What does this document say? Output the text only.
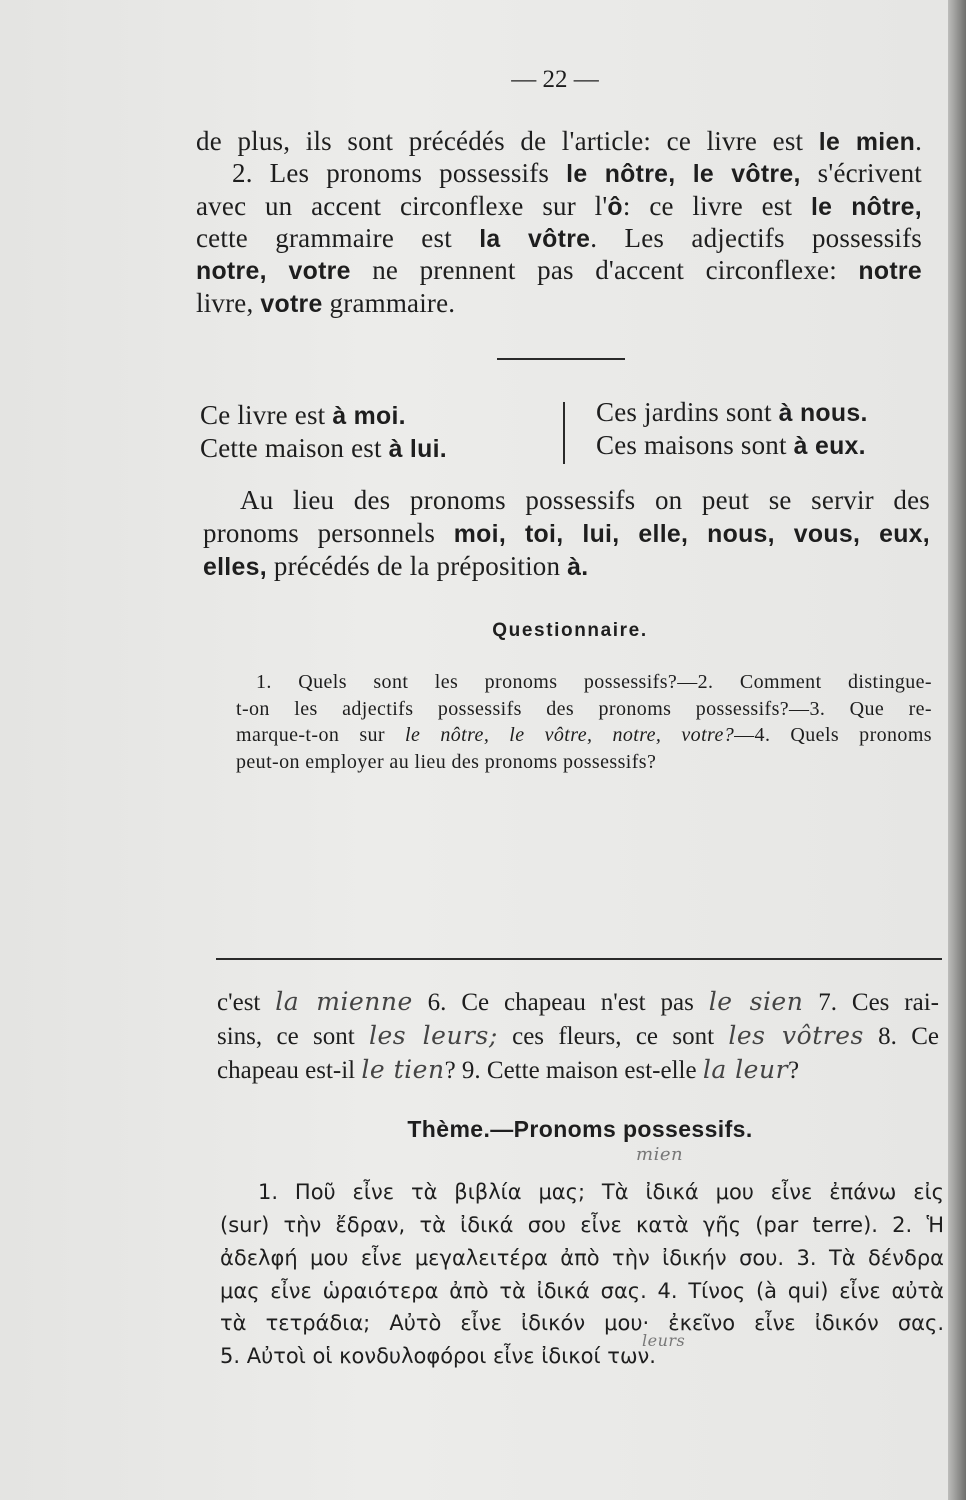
— 22 —
de plus, ils sont précédés de l'article: ce livre est le mien.
2. Les pronoms possessifs le nôtre, le vôtre, s'écrivent
avec un accent circonflexe sur l'ô: ce livre est le nôtre,
cette grammaire est la vôtre. Les adjectifs possessifs
notre, votre ne prennent pas d'accent circonflexe: notre
livre, votre grammaire.
Ce livre est à moi.
Cette maison est à lui.
Ces jardins sont à nous.
Ces maisons sont à eux.
Au lieu des pronoms possessifs on peut se servir des
pronoms personnels moi, toi, lui, elle, nous, vous, eux,
elles, précédés de la préposition à.
Questionnaire.
1. Quels sont les pronoms possessifs?—2. Comment distingue-
t-on les adjectifs possessifs des pronoms possessifs?—3. Que re-
marque-t-on sur le nôtre, le vôtre, notre, votre?—4. Quels pronoms
peut-on employer au lieu des pronoms possessifs?
c'est la mienne 6. Ce chapeau n'est pas le sien 7. Ces rai-
sins, ce sont les leurs; ces fleurs, ce sont les vôtres 8. Ce
chapeau est-il le tien? 9. Cette maison est-elle la leur?
Thème.—Pronoms possessifs.
mien
1. Ποῦ εἶνε τὰ βιβλία μας; Τὰ ἰδικά μου εἶνε ἐπάνω εἰς
(sur) τὴν ἔδραν, τὰ ἰδικά σου εἶνε κατὰ γῆς (par terre). 2. Ἡ
ἀδελφή μου εἶνε μεγαλειτέρα ἀπὸ τὴν ἰδικήν σου. 3. Τὰ δένδρα
μας εἶνε ὡραιότερα ἀπὸ τὰ ἰδικά σας. 4. Τίνος (à qui) εἶνε αὐτὰ
τὰ τετράδια; Αὐτὸ εἶνε ἰδικόν μου· ἐκεῖνο εἶνε ἰδικόν σας.
leurs
5. Αὐτοὶ οἱ κονδυλοφόροι εἶνε ἰδικοί των.
